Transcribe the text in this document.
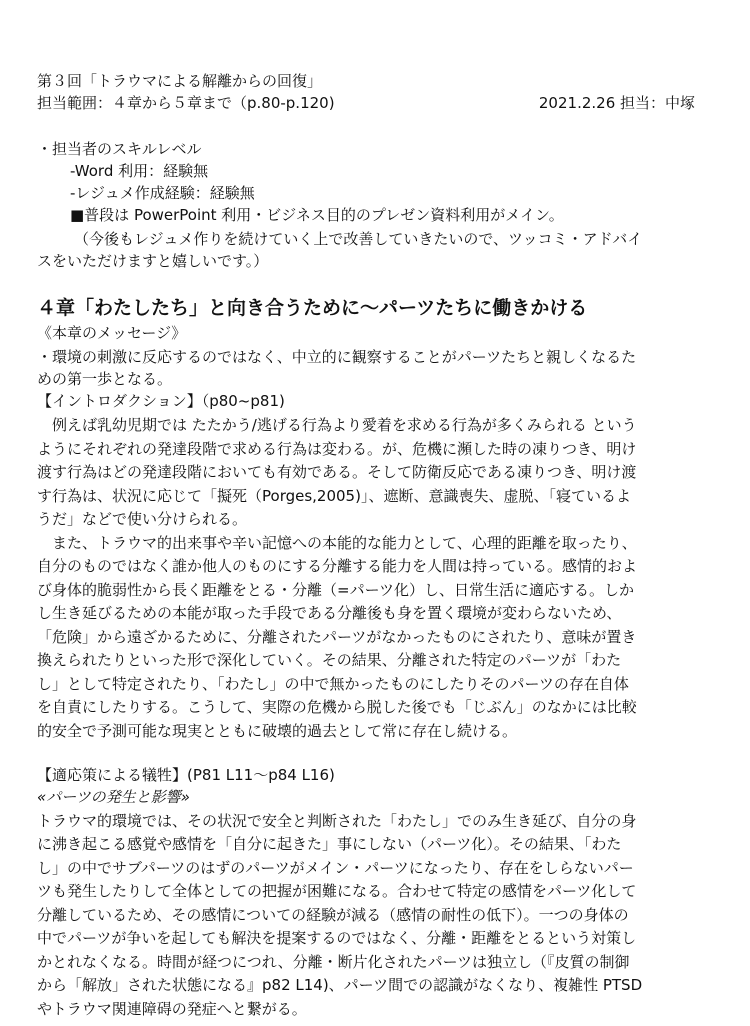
第３回「トラウマによる解離からの回復」
担当範囲：４章から５章まで（p.80-p.120)	2021.2.26 担当：中塚
・担当者のスキルレベル
-Word 利用：経験無
-レジュメ作成経験：経験無
■普段は PowerPoint 利用・ビジネス目的のプレゼン資料利用がメイン。
（今後もレジュメ作りを続けていく上で改善していきたいので、ツッコミ・アドバイ
スをいただけますと嬉しいです。）
４章「わたしたち」と向き合うために〜パーツたちに働きかける
《本章のメッセージ》
・環境の刺激に反応するのではなく、中立的に観察することがパーツたちと親しくなるた
めの第一歩となる。
【イントロダクション】（p80~p81)
　例えば乳幼児期では たたかう/逃げる行為より愛着を求める行為が多くみられる という
ようにそれぞれの発達段階で求める行為は変わる。が、危機に瀕した時の凍りつき、明け
渡す行為はどの発達段階においても有効である。そして防衛反応である凍りつき、明け渡
す行為は、状況に応じて「擬死（Porges,2005)」、遮断、意識喪失、虚脱、「寝ているよ
うだ」などで使い分けられる。
　また、トラウマ的出来事や辛い記憶への本能的な能力として、心理的距離を取ったり、
自分のものではなく誰か他人のものにする分離する能力を人間は持っている。感情的およ
び身体的脆弱性から長く距離をとる・分離（=パーツ化）し、日常生活に適応する。しか
し生き延びるための本能が取った手段である分離後も身を置く環境が変わらないため、
「危険」から遠ざかるために、分離されたパーツがなかったものにされたり、意味が置き
換えられたりといった形で深化していく。その結果、分離された特定のパーツが「わた
し」として特定されたり、「わたし」の中で無かったものにしたりそのパーツの存在自体
を自責にしたりする。こうして、実際の危機から脱した後でも「じぶん」のなかには比較
的安全で予測可能な現実とともに破壊的過去として常に存在し続ける。
【適応策による犠牲】(P81 L11〜p84 L16)
«パーツの発生と影響»
トラウマ的環境では、その状況で安全と判断された「わたし」でのみ生き延び、自分の身
に沸き起こる感覚や感情を「自分に起きた」事にしない（パーツ化）。その結果、「わた
し」の中でサブパーツのはずのパーツがメイン・パーツになったり、存在をしらないパー
ツも発生したりして全体としての把握が困難になる。合わせて特定の感情をパーツ化して
分離しているため、その感情についての経験が減る（感情の耐性の低下）。一つの身体の
中でパーツが争いを起しても解決を提案するのではなく、分離・距離をとるという対策し
かとれなくなる。時間が経つにつれ、分離・断片化されたパーツは独立し（『皮質の制御
から「解放」された状態になる』p82 L14)、パーツ間での認識がなくなり、複雑性 PTSD
やトラウマ関連障碍の発症へと繋がる。
